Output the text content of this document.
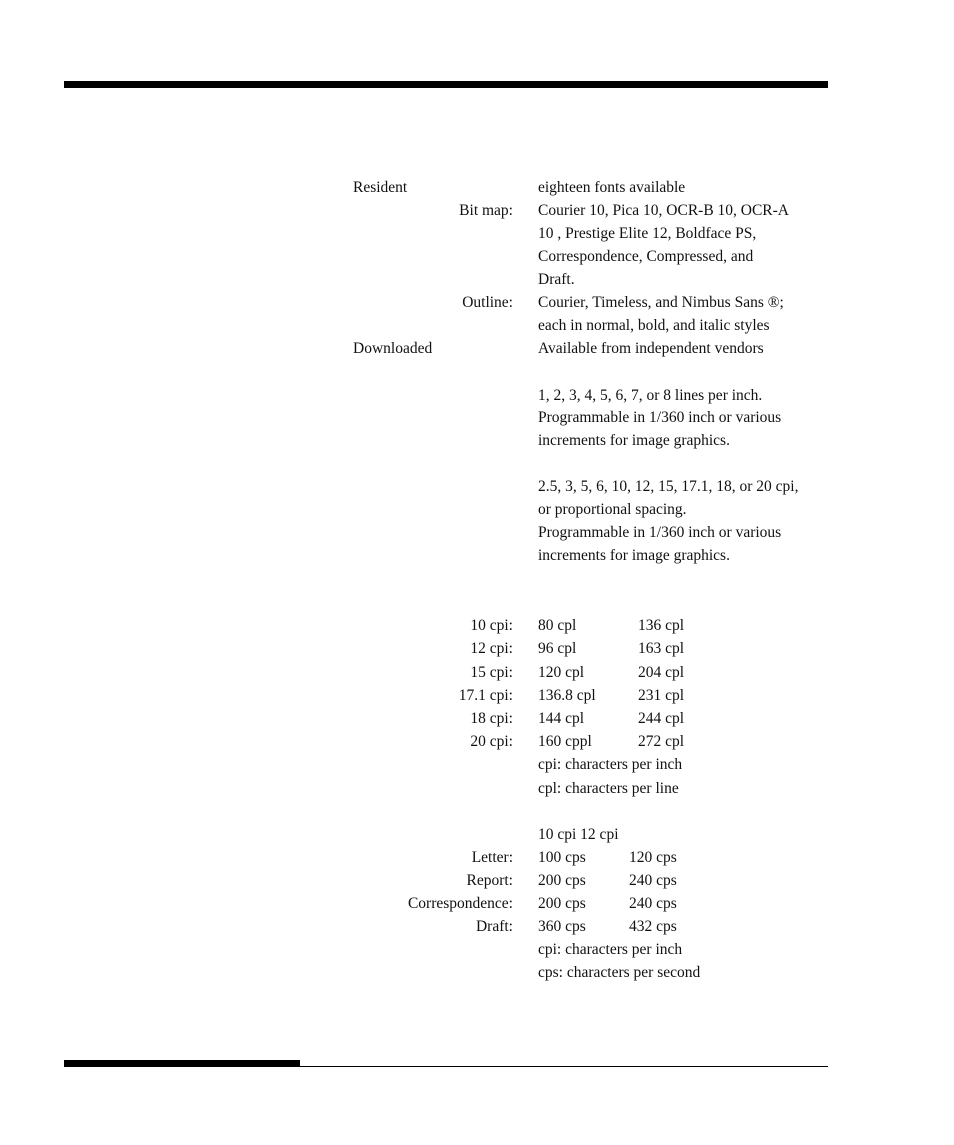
Resident	eighteen fonts available
Bit map: Courier 10, Pica 10, OCR-B 10, OCR-A
10 , Prestige Elite 12, Boldface PS,
Correspondence, Compressed, and
Draft.
Outline: Courier, Timeless, and Nimbus Sans ®;
each in normal, bold, and italic styles
Downloaded	Available from independent vendors
1, 2, 3, 4, 5, 6, 7, or 8 lines per inch.
Programmable in 1/360 inch or various
increments for image graphics.
2.5, 3, 5, 6, 10, 12, 15, 17.1, 18, or 20 cpi,
or proportional spacing.
Programmable in 1/360 inch or various
increments for image graphics.
10 cpi: 80 cpl	136 cpl
12 cpi: 96 cpl	163 cpl
15 cpi: 120 cpl	204 cpl
17.1 cpi: 136.8 cpl	231 cpl
18 cpi: 144 cpl	244 cpl
20 cpi: 160 cppl	272 cpl
cpi: characters per inch
cpl: characters per line
10 cpi 12 cpi
Letter: 100 cps	120 cps
Report: 200 cps	240 cps
Correspondence: 200 cps	240 cps
Draft: 360 cps	432 cps
cpi: characters per inch
cps: characters per second
